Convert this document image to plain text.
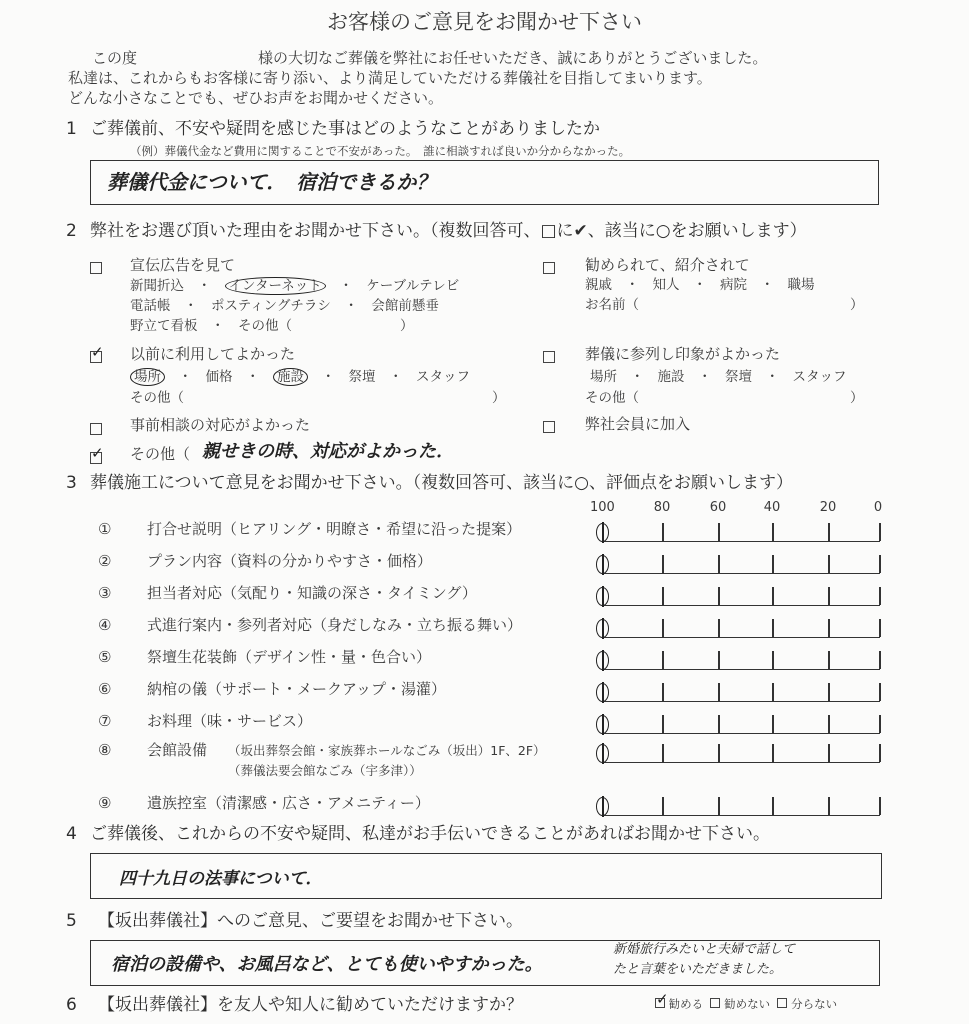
お客様のご意見をお聞かせ下さい
この度	様の大切なご葬儀を弊社にお任せいただき、誠にありがとうございました。
私達は、これからもお客様に寄り添い、より満足していただける葬儀社を目指してまいります。
どんな小さなことでも、ぜひお声をお聞かせください。
1 ご葬儀前、不安や疑問を感じた事はどのようなことがありましたか
（例）葬儀代金など費用に関することで不安があった。　誰に相談すれば良いか分からなかった。
葬儀代金について．　宿泊できるか？
2 弊社をお選び頂いた理由をお聞かせ下さい。（複数回答可、□に✔、該当に○をお願いします）
宣伝広告を見て
新聞折込　・　インターネット　・　ケーブルテレビ
電話帳　・　ポスティングチラシ　・　会館前懸垂
野立て看板　・　その他（　　　　　　　　）
✓
以前に利用してよかった
場所　・　価格　・　施設　・　祭壇　・　スタッフ
その他（	）
事前相談の対応がよかった
✓
その他（ 親せきの時、対応がよかった．
勧められて、紹介されて
親戚　・　知人　・　病院　・　職場
お名前（	）
葬儀に参列し印象がよかった
場所　・　施設　・　祭壇　・　スタッフ
その他（	）
弊社会員に加入
3 葬儀施工について意見をお聞かせ下さい。（複数回答可、該当に○、評価点をお願いします）
100	80	60	40	20	0
① 打合せ説明（ヒアリング・明瞭さ・希望に沿った提案）
② プラン内容（資料の分かりやすさ・価格）
③ 担当者対応（気配り・知識の深さ・タイミング）
④ 式進行案内・参列者対応（身だしなみ・立ち振る舞い）
⑤ 祭壇生花装飾（デザイン性・量・色合い）
⑥ 納棺の儀（サポート・メークアップ・湯灌）
⑦ お料理（味・サービス）
⑧ 会館設備 （坂出葬祭会館・家族葬ホールなごみ（坂出）1F、2F）
（葬儀法要会館なごみ（宇多津））
⑨ 遺族控室（清潔感・広さ・アメニティー）
4 ご葬儀後、これからの不安や疑問、私達がお手伝いできることがあればお聞かせ下さい。
四十九日の法事について．
5 【坂出葬儀社】へのご意見、ご要望をお聞かせ下さい。
宿泊の設備や、お風呂など、とても使いやすかった。
新婚旅行みたいと夫婦で話して
たと言葉をいただきました。
6 【坂出葬儀社】を友人や知人に勧めていただけますか？ ✓	勧める 勧めない 分らない
